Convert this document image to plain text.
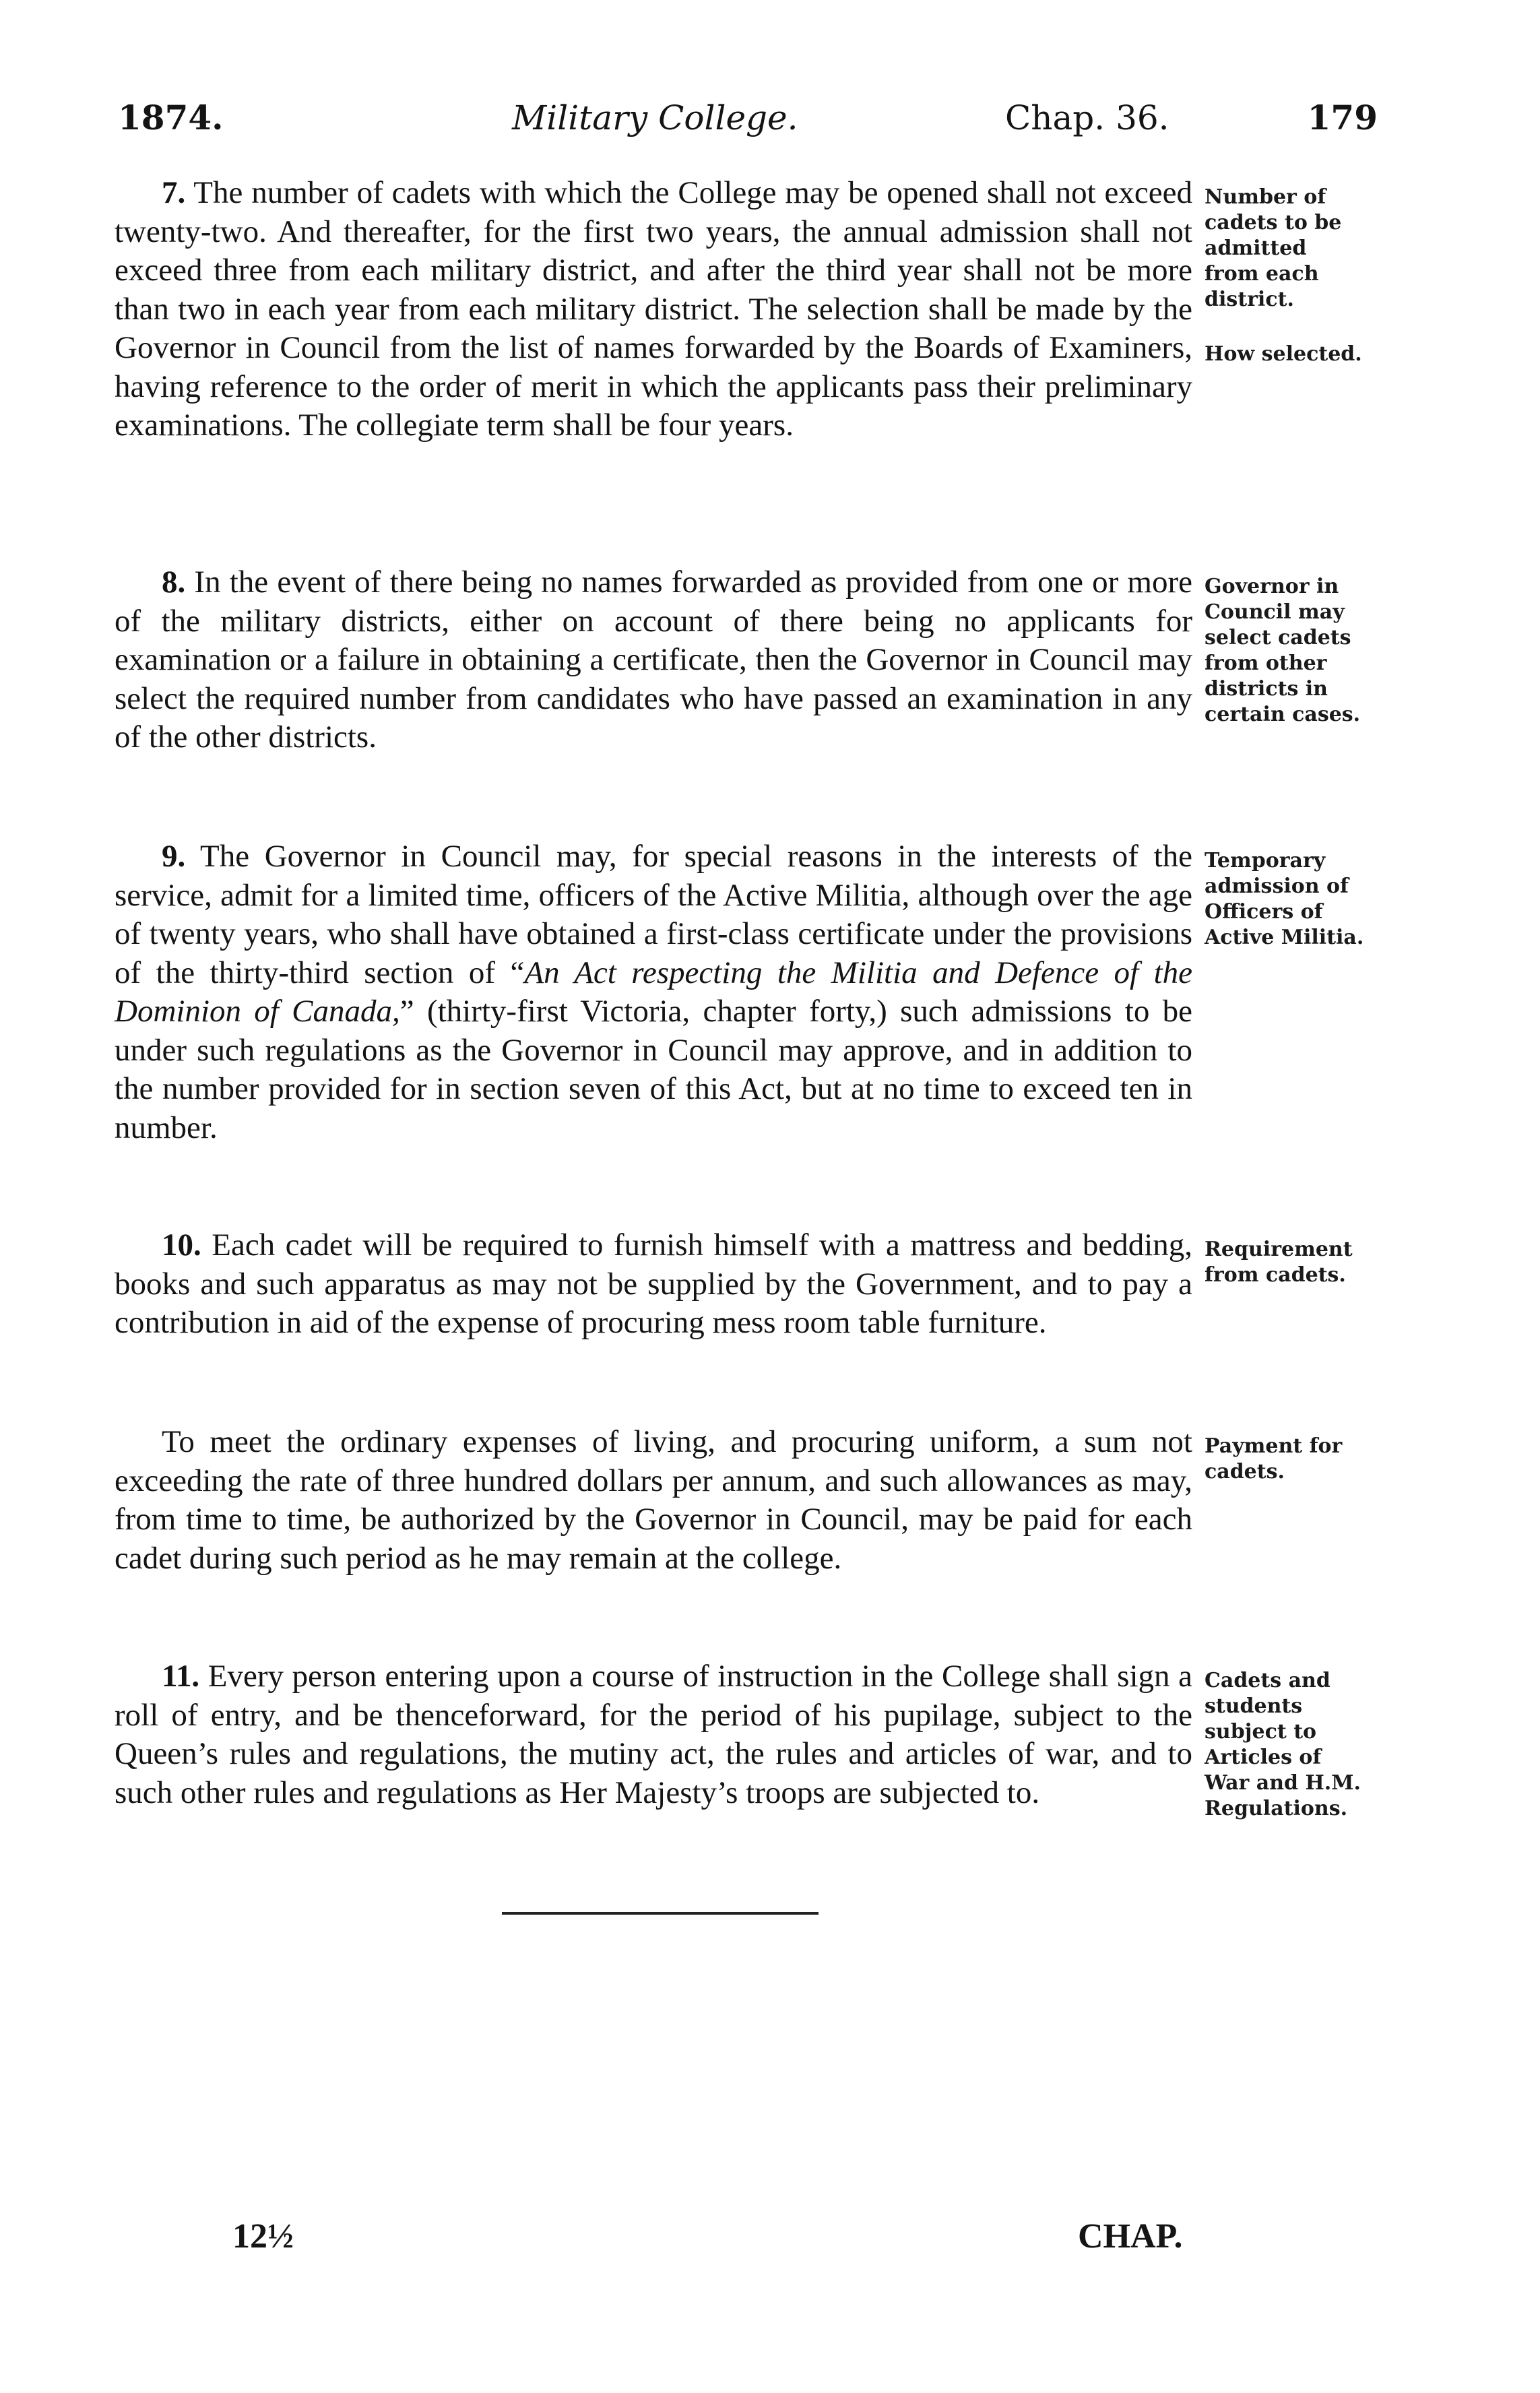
1874.	Military College.	Chap. 36.	179

7. The number of cadets with which the College may be opened shall not exceed twenty-two. And thereafter, for the first two years, the annual admission shall not exceed three from each military district, and after the third year shall not be more than two in each year from each military district. The selection shall be made by the Governor in Council from the list of names forwarded by the Boards of Examiners, having reference to the order of merit in which the applicants pass their preliminary examinations. The collegiate term shall be four years.

Number of
cadets to be
admitted
from each
district.
How selected.

8. In the event of there being no names forwarded as provided from one or more of the military districts, either on account of there being no applicants for examination or a failure in obtaining a certificate, then the Governor in Council may select the required number from candidates who have passed an examination in any of the other districts.

Governor in
Council may
select cadets
from other
districts in
certain cases.

9. The Governor in Council may, for special reasons in the interests of the service, admit for a limited time, officers of the Active Militia, although over the age of twenty years, who shall have obtained a first-class certificate under the provisions of the thirty-third section of “An Act respecting the Militia and Defence of the Dominion of Canada,” (thirty-first Victoria, chapter forty,) such admissions to be under such regulations as the Governor in Council may approve, and in addition to the number provided for in section seven of this Act, but at no time to exceed ten in number.

Temporary
admission of
Officers of
Active Militia.

10. Each cadet will be required to furnish himself with a mattress and bedding, books and such apparatus as may not be supplied by the Government, and to pay a contribution in aid of the expense of procuring mess room table furniture.

Requirement
from cadets.

To meet the ordinary expenses of living, and procuring uniform, a sum not exceeding the rate of three hundred dollars per annum, and such allowances as may, from time to time, be authorized by the Governor in Council, may be paid for each cadet during such period as he may remain at the college.

Payment for
cadets.

11. Every person entering upon a course of instruction in the College shall sign a roll of entry, and be thenceforward, for the period of his pupilage, subject to the Queen’s rules and regulations, the mutiny act, the rules and articles of war, and to such other rules and regulations as Her Majesty’s troops are subjected to.

Cadets and
students
subject to
Articles of
War and H.M.
Regulations.
12½	CHAP.
